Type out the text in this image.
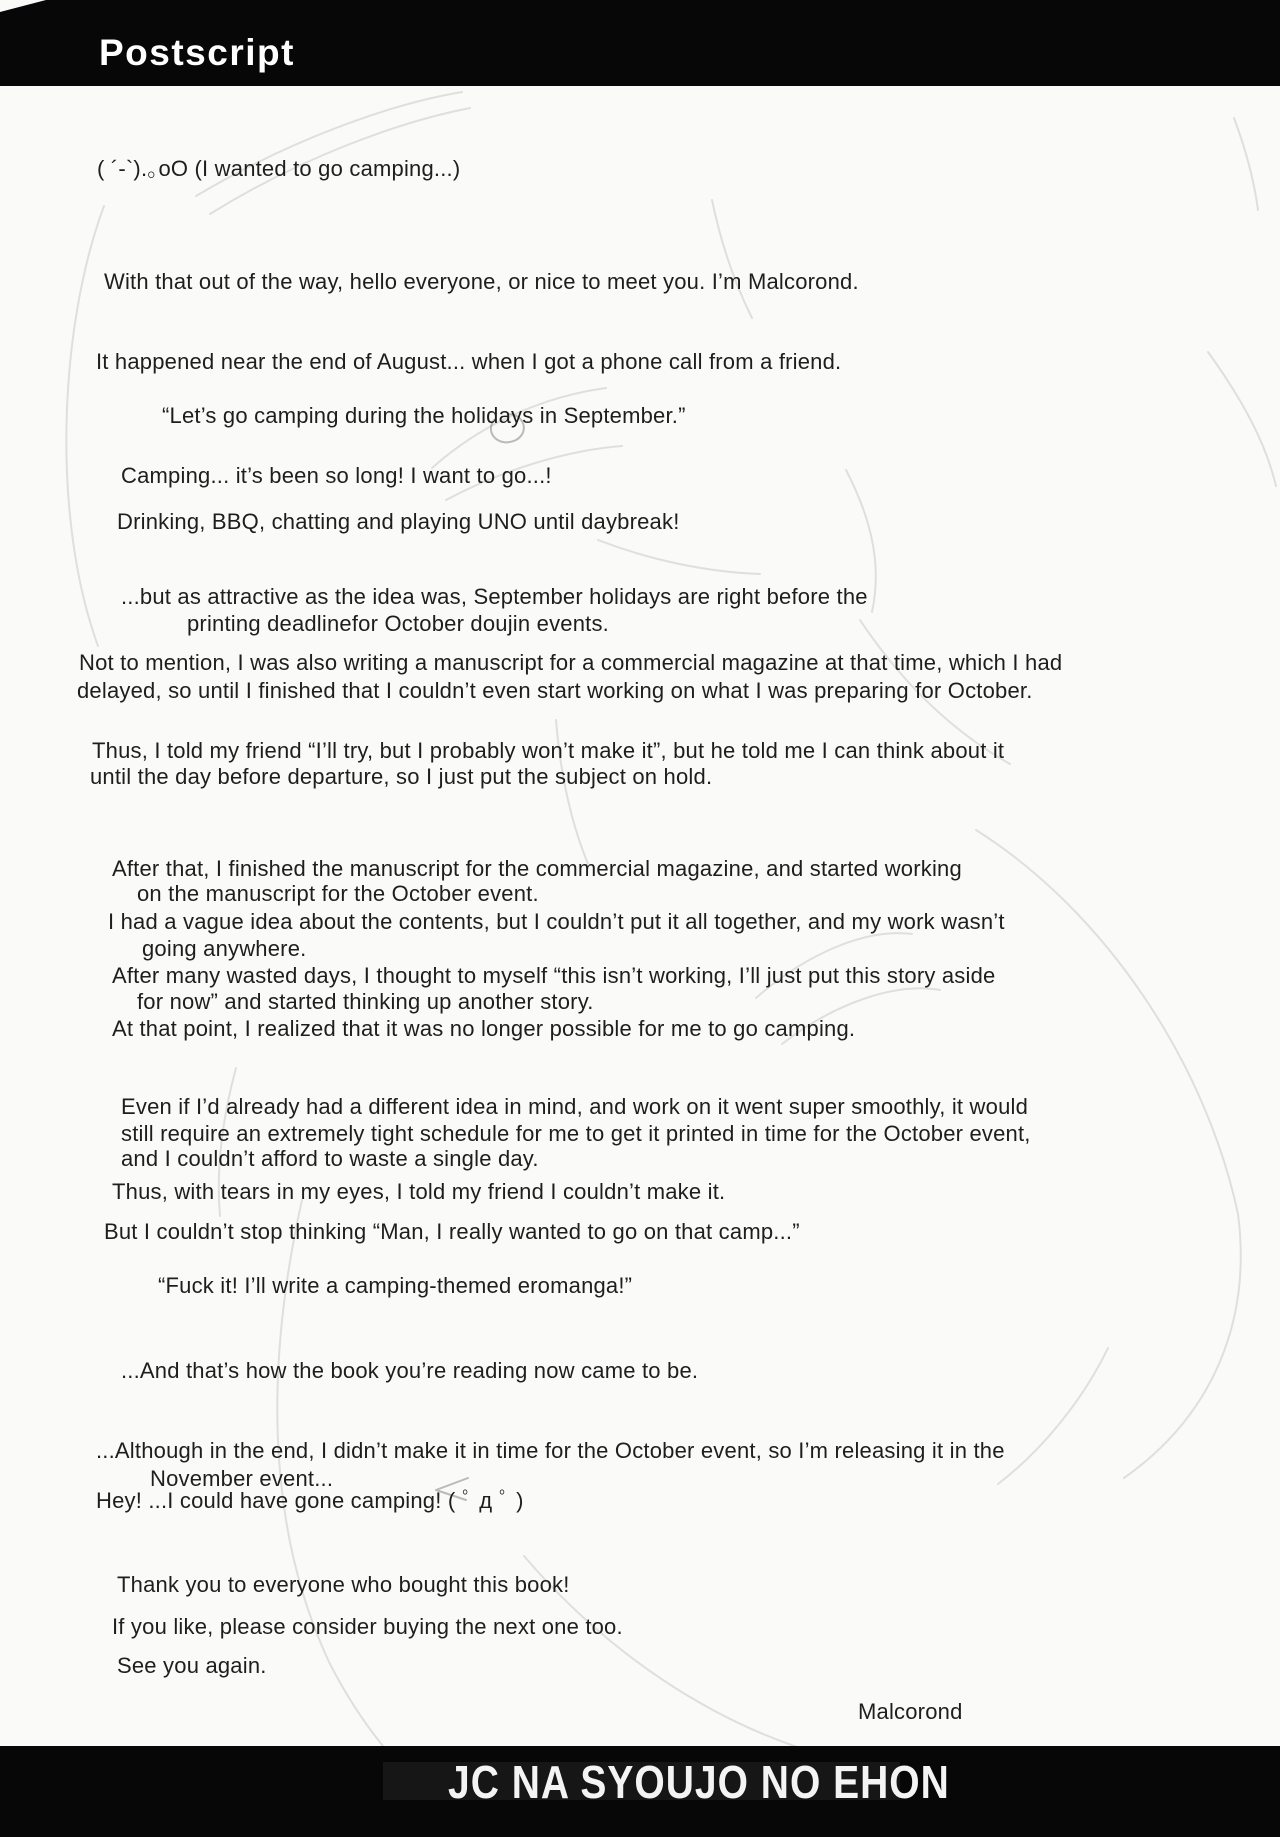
Postscript
( ´-`).｡oO (I wanted to go camping...)
With that out of the way, hello everyone, or nice to meet you. I’m Malcorond.
It happened near the end of August... when I got a phone call from a friend.
“Let’s go camping during the holidays in September.”
Camping... it’s been so long! I want to go...!
Drinking, BBQ, chatting and playing UNO until daybreak!
...but as attractive as the idea was, September holidays are right before the
printing deadlinefor October doujin events.
Not to mention, I was also writing a manuscript for a commercial magazine at that time, which I had
delayed, so until I finished that I couldn’t even start working on what I was preparing for October.
Thus, I told my friend “I’ll try, but I probably won’t make it”, but he told me I can think about it
until the day before departure, so I just put the subject on hold.
After that, I finished the manuscript for the commercial magazine, and started working
on the manuscript for the October event.
I had a vague idea about the contents, but I couldn’t put it all together, and my work wasn’t
going anywhere.
After many wasted days, I thought to myself “this isn’t working, I’ll just put this story aside
for now” and started thinking up another story.
At that point, I realized that it was no longer possible for me to go camping.
Even if I’d already had a different idea in mind, and work on it went super smoothly, it would
still require an extremely tight schedule for me to get it printed in time for the October event,
and I couldn’t afford to waste a single day.
Thus, with tears in my eyes, I told my friend I couldn’t make it.
But I couldn’t stop thinking “Man, I really wanted to go on that camp...”
“Fuck it! I’ll write a camping-themed eromanga!”
...And that’s how the book you’re reading now came to be.
...Although in the end, I didn’t make it in time for the October event, so I’m releasing it in the
November event...
Hey! ...I could have gone camping! ( ﾟ д ﾟ )
Thank you to everyone who bought this book!
If you like, please consider buying the next one too.
See you again.
Malcorond
JC NA SYOUJO NO EHON
